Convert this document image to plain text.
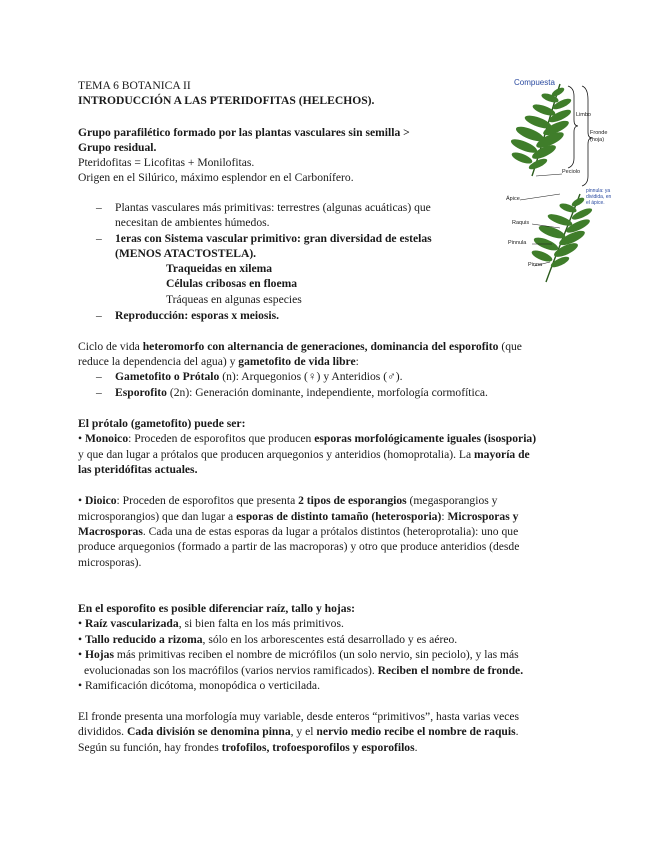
TEMA 6 BOTANICA II
INTRODUCCIÓN A LAS PTERIDOFITAS (HELECHOS).
Grupo parafilético formado por las plantas vasculares sin semilla >
Grupo residual.
Pteridofitas = Licofitas + Monilofitas.
Origen en el Silúrico, máximo esplendor en el Carbonífero.
– Plantas vasculares más primitivas: terrestres (algunas acuáticas) que
necesitan de ambientes húmedos.
– 1eras con Sistema vascular primitivo: gran diversidad de estelas
(MENOS ATACTOSTELA).
Traqueidas en xilema
Células cribosas en floema
Tráqueas en algunas especies
– Reproducción: esporas x meiosis.
Ciclo de vida heteromorfo con alternancia de generaciones, dominancia del esporofito (que
reduce la dependencia del agua) y gametofito de vida libre:
– Gametofito o Prótalo (n): Arquegonios (♀) y Anteridios (♂).
– Esporofito (2n): Generación dominante, independiente, morfología cormofítica.
El prótalo (gametofito) puede ser:
• Monoico: Proceden de esporofitos que producen esporas morfológicamente iguales (isosporia)
y que dan lugar a prótalos que producen arquegonios y anteridios (homoprotalia). La mayoría de
las pteridófitas actuales.
• Dioico: Proceden de esporofitos que presenta 2 tipos de esporangios (megasporangios y
microsporangios) que dan lugar a esporas de distinto tamaño (heterosporia): Microsporas y
Macrosporas. Cada una de estas esporas da lugar a prótalos distintos (heteroprotalia): uno que
produce arquegonios (formado a partir de las macroporas) y otro que produce anteridios (desde
microsporas).
En el esporofito es posible diferenciar raíz, tallo y hojas:
• Raíz vascularizada, si bien falta en los más primitivos.
• Tallo reducido a rizoma, sólo en los arborescentes está desarrollado y es aéreo.
• Hojas más primitivas reciben el nombre de micrófilos (un solo nervio, sin peciolo), y las más
evolucionadas son los macrófilos (varios nervios ramificados). Reciben el nombre de fronde.
• Ramificación dicótoma, monopódica o verticilada.
El fronde presenta una morfología muy variable, desde enteros “primitivos”, hasta varias veces
divididos. Cada división se denomina pinna, y el nervio medio recibe el nombre de raquis.
Según su función, hay frondes trofofilos, trofoesporofilos y esporofilos.
Compuesta
Limbo
Fronde
(hoja)
Peciolo
Ápice
pinnula: ya
dividida, en
el ápice.
Raquis
Pinnula
Pinna
